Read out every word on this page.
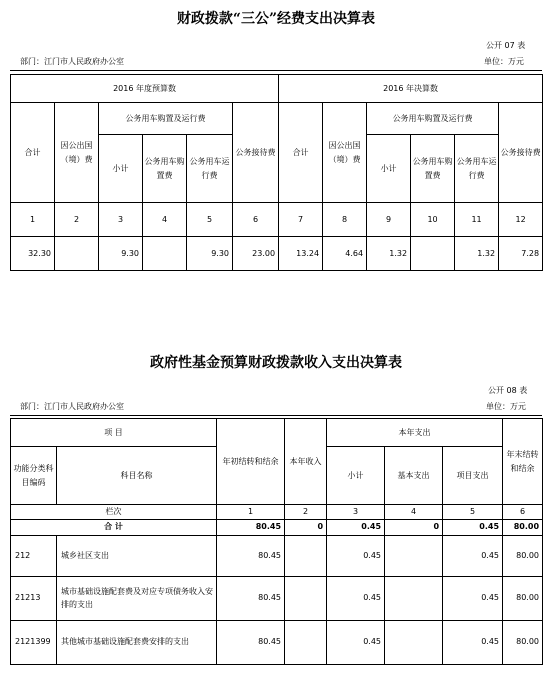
财政拨款“三公”经费支出决算表
公开 07 表
部门：江门市人民政府办公室	单位：万元
2016 年度预算数						2016 年决算数					
合计	因公出国（境）费	公务用车购置及运行费			公务接待费	合计	因公出国（境）费	公务用车购置及运行费			公务接待费
		小计	公务用车购置费	公务用车运行费				小计	公务用车购置费	公务用车运行费	
1	2	3	4	5	6	7	8	9	10	11	12
32.30		9.30		9.30	23.00	13.24	4.64	1.32		1.32	7.28
政府性基金预算财政拨款收入支出决算表
公开 08 表
部门：江门市人民政府办公室	单位：万元
项 目		年初结转和结余	本年收入	本年支出			年末结转和结余
功能分类科目编码	科目名称			小计	基本支出	项目支出	
栏次		1	2	3	4	5	6
合 计		80.45	0	0.45	0	0.45	80.00
212	城乡社区支出	80.45		0.45		0.45	80.00
21213	城市基础设施配套费及对应专项债务收入安排的支出	80.45		0.45		0.45	80.00
2121399	其他城市基础设施配套费安排的支出	80.45		0.45		0.45	80.00
